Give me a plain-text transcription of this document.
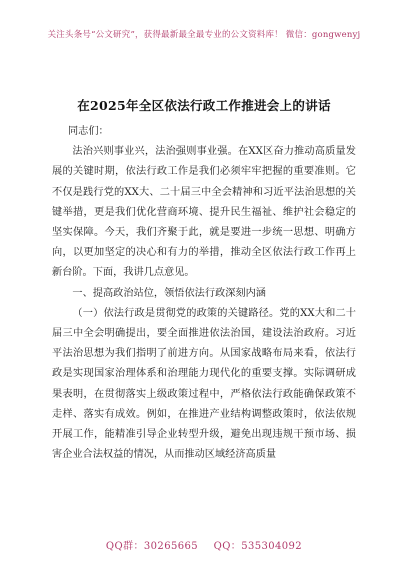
关注头条号“公文研究”，获得最新最全最专业的公文资料库！ 微信：gongwenyj
在2025年全区依法行政工作推进会上的讲话

同志们：

法治兴则事业兴，法治强则事业强。在XX区奋力推动高质量发展的关键时期，依法行政工作是我们必须牢牢把握的重要准则。它不仅是践行党的XX大、二十届三中全会精神和习近平法治思想的关键举措，更是我们优化营商环境、提升民生福祉、维护社会稳定的坚实保障。今天，我们齐聚于此，就是要进一步统一思想、明确方向，以更加坚定的决心和有力的举措，推动全区依法行政工作再上新台阶。下面，我讲几点意见。

一、提高政治站位，领悟依法行政深刻内涵

（一）依法行政是贯彻党的政策的关键路径。党的XX大和二十届三中全会明确提出，要全面推进依法治国，建设法治政府。习近平法治思想为我们指明了前进方向。从国家战略布局来看，依法行政是实现国家治理体系和治理能力现代化的重要支撑。实际调研成果表明，在贯彻落实上级政策过程中，严格依法行政能确保政策不走样、落实有成效。例如，在推进产业结构调整政策时，依法依规开展工作，能精准引导企业转型升级，避免出现违规干预市场、损害企业合法权益的情况，从而推动区域经济高质量

QQ群：30265665 QQ：535304092
